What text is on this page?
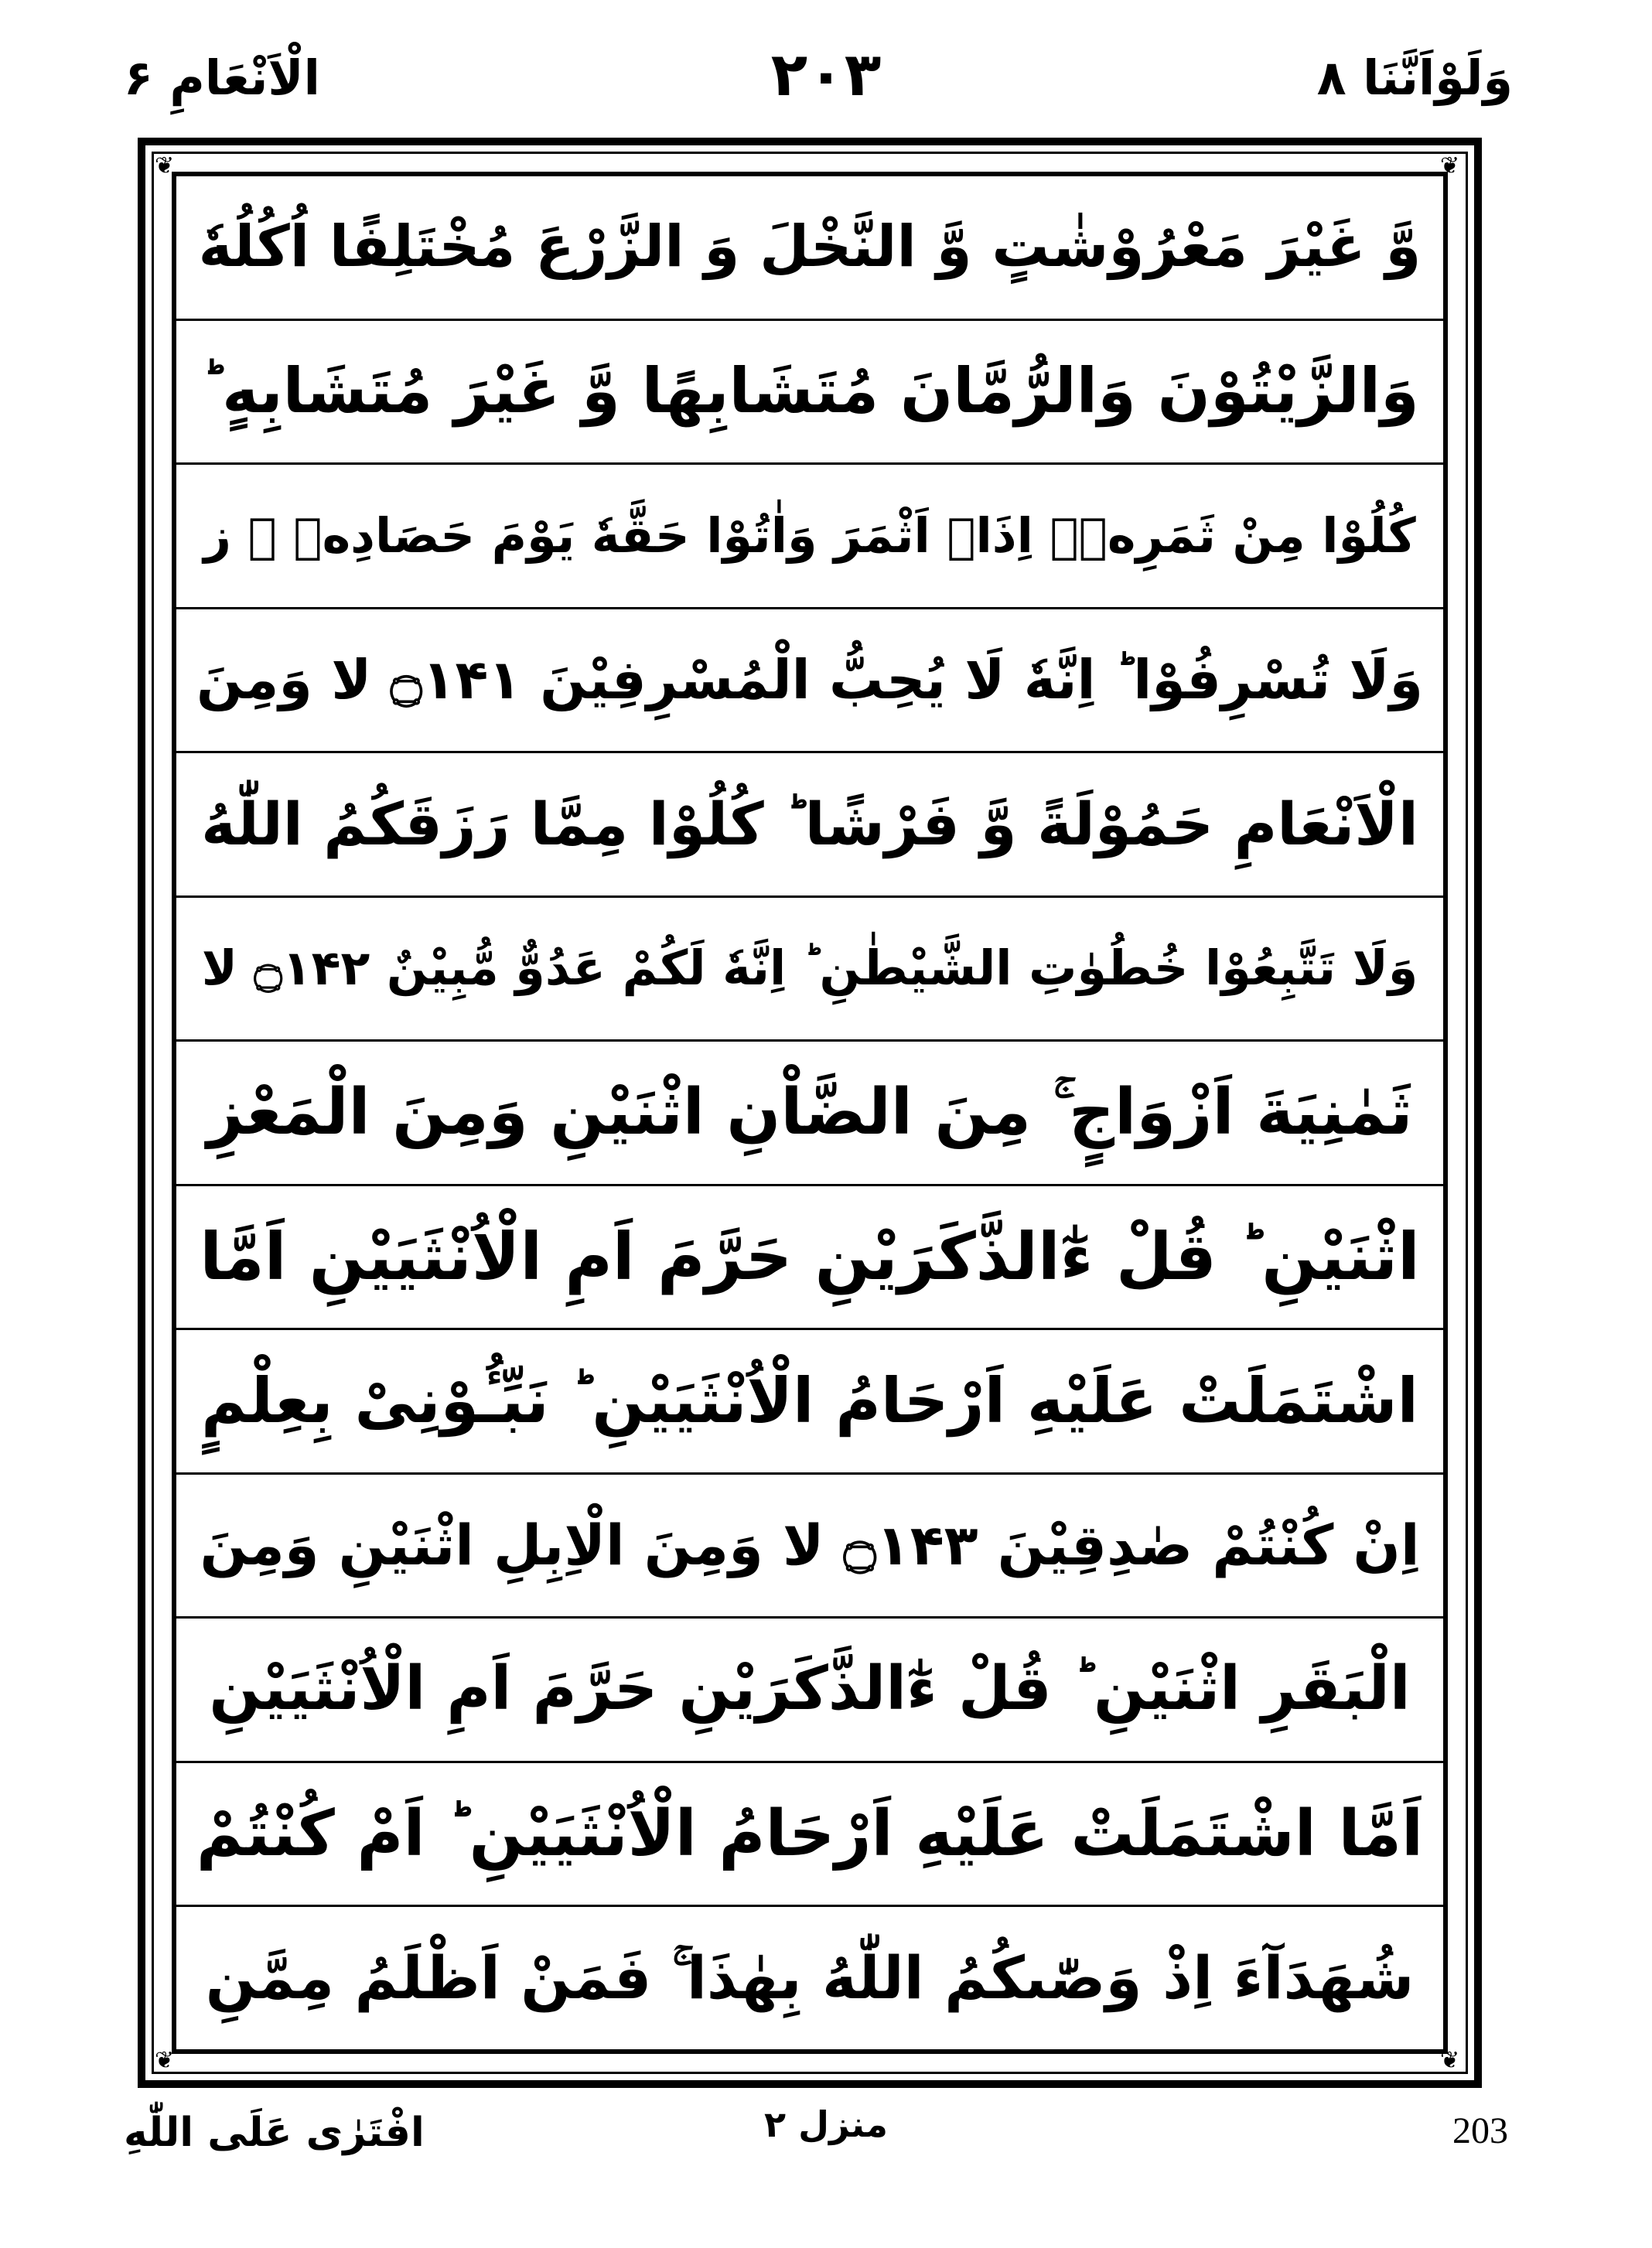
الْاَنْعَامِ ۶	۲۰۳	وَلَوْاَنَّنَا ۸
❦	❦
❦	❦
وَّ غَيْرَ مَعْرُوْشٰتٍ وَّ النَّخْلَ وَ الزَّرْعَ مُخْتَلِفًا اُكُلُهٗ
وَالزَّيْتُوْنَ وَالرُّمَّانَ مُتَشَابِهًا وَّ غَيْرَ مُتَشَابِهٍ ؕ
كُلُوْا مِنْ ثَمَرِهٖۤ اِذَاۤ اَثْمَرَ وَاٰتُوْا حَقَّهٗ يَوْمَ حَصَادِهٖ ۖ ز
وَلَا تُسْرِفُوْا ؕ اِنَّهٗ لَا يُحِبُّ الْمُسْرِفِيْنَ ۝۱۴۱ لا وَمِنَ
الْاَنْعَامِ حَمُوْلَةً وَّ فَرْشًا ؕ كُلُوْا مِمَّا رَزَقَكُمُ اللّٰهُ
وَلَا تَتَّبِعُوْا خُطُوٰتِ الشَّيْطٰنِ ؕ اِنَّهٗ لَكُمْ عَدُوٌّ مُّبِيْنٌ ۝۱۴۲ لا
ثَمٰنِيَةَ اَزْوَاجٍ ۚ مِنَ الضَّاْنِ اثْنَيْنِ وَمِنَ الْمَعْزِ
اثْنَيْنِ ؕ قُلْ ءٰٓالذَّكَرَيْنِ حَرَّمَ اَمِ الْاُنْثَيَيْنِ اَمَّا
اشْتَمَلَتْ عَلَيْهِ اَرْحَامُ الْاُنْثَيَيْنِ ؕ نَبِّـُٔوْنِىْ بِعِلْمٍ
اِنْ كُنْتُمْ صٰدِقِيْنَ ۝۱۴۳ لا وَمِنَ الْاِبِلِ اثْنَيْنِ وَمِنَ
الْبَقَرِ اثْنَيْنِ ؕ قُلْ ءٰٓالذَّكَرَيْنِ حَرَّمَ اَمِ الْاُنْثَيَيْنِ
اَمَّا اشْتَمَلَتْ عَلَيْهِ اَرْحَامُ الْاُنْثَيَيْنِ ؕ اَمْ كُنْتُمْ
شُهَدَآءَ اِذْ وَصّٰىكُمُ اللّٰهُ بِهٰذَا ۚ فَمَنْ اَظْلَمُ مِمَّنِ
افْتَرٰى عَلَى اللّٰهِ	منزل ۲	203
